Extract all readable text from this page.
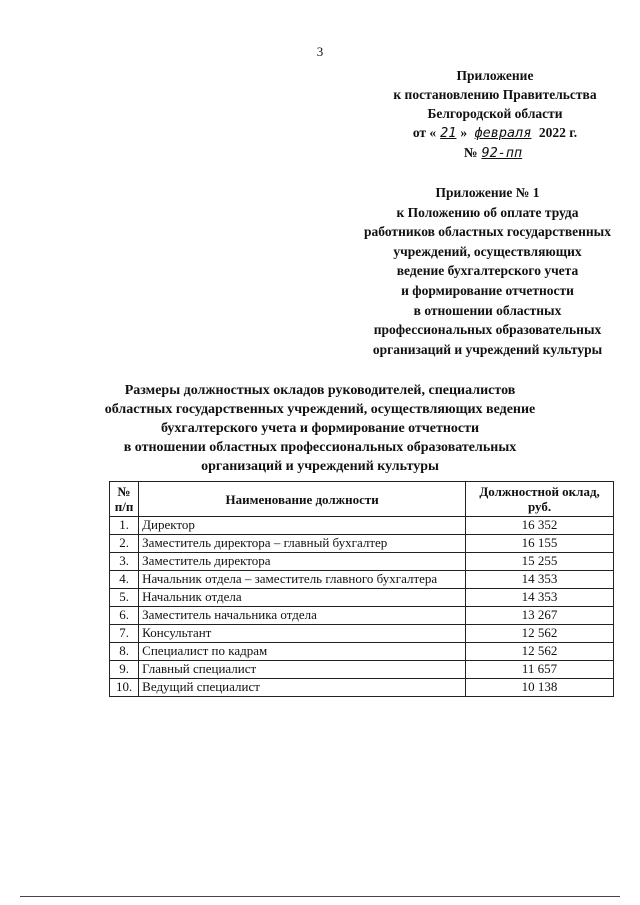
3
Приложение
к постановлению Правительства
Белгородской области
от « 21 » февраля 2022 г.
№ 92-пп
Приложение № 1
к Положению об оплате труда
работников областных государственных
учреждений, осуществляющих
ведение бухгалтерского учета
и формирование отчетности
в отношении областных
профессиональных образовательных
организаций и учреждений культуры
Размеры должностных окладов руководителей, специалистов
областных государственных учреждений, осуществляющих ведение
бухгалтерского учета и формирование отчетности
в отношении областных профессиональных образовательных
организаций и учреждений культуры
№ п/п	Наименование должности	Должностной оклад, руб.
1.	Директор	16 352
2.	Заместитель директора – главный бухгалтер	16 155
3.	Заместитель директора	15 255
4.	Начальник отдела – заместитель главного бухгалтера	14 353
5.	Начальник отдела	14 353
6.	Заместитель начальника отдела	13 267
7.	Консультант	12 562
8.	Специалист по кадрам	12 562
9.	Главный специалист	11 657
10.	Ведущий специалист	10 138
